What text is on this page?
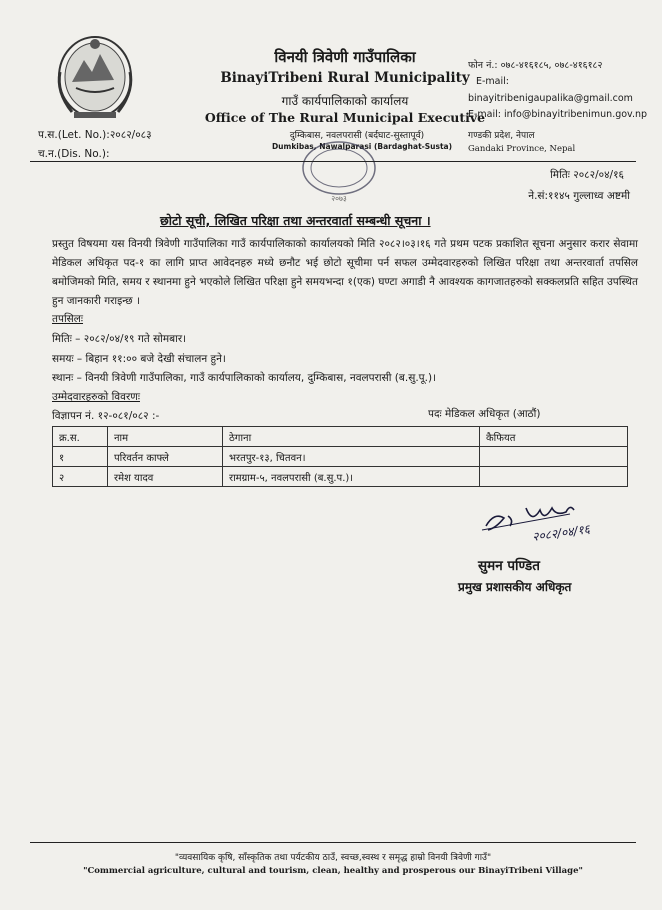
विनयी त्रिवेणी गाउँपालिका
BinayiTribeni Rural Municipality
गाउँ कार्यपालिकाको कार्यालय
Office of The Rural Municipal Executive
दुम्किबास, नवलपरासी (बर्दघाट-सुस्तापूर्व)
Dumkibas, Nawalparasi (Bardaghat-Susta)
फोन नं.: ०७८-४१६१८५, ०७८-४१६१८२
E-mail:
binayitribenigaupalika@gmail.com
E-mail: info@binayitribenimun.gov.np
गण्डकी प्रदेश, नेपाल
Gandaki Province, Nepal
प.स.(Let. No.):२०८२/०८३
च.न.(Dis. No.):
२०७३
मितिः २०८२/०४/१६
ने.सं:११४५ गुल्लाध्व अष्टमी
छोटो सूची, लिखित परिक्षा तथा अन्तरवार्ता सम्बन्धी सूचना ।
प्रस्तुत विषयमा यस विनयी त्रिवेणी गाउँपालिका गाउँ कार्यपालिकाको कार्यालयको मिति २०८२।०३।१६ गते प्रथम पटक प्रकाशित सूचना अनुसार करार सेवामा मेडिकल अधिकृत पद-१ का लागि प्राप्त आवेदनहरु मध्ये छनौट भई छोटो सूचीमा पर्न सफल उम्मेदवारहरुको लिखित परिक्षा तथा अन्तरवार्ता तपसिल बमोजिमको मिति, समय र स्थानमा हुने भएकोले लिखित परिक्षा हुने समयभन्दा १(एक) घण्टा अगाडी नै आवश्यक कागजातहरुको सक्कलप्रति सहित उपस्थित हुन जानकारी गराइन्छ ।
तपसिलः
मितिः – २०८२/०४/१९ गते सोमबार।
समयः – बिहान ११:०० बजे देखी संचालन हुने।
स्थानः – विनयी त्रिवेणी गाउँपालिका, गाउँ कार्यपालिकाको कार्यालय, दुम्किबास, नवलपरासी (ब.सु.पू.)।
उम्मेदवारहरुको विवरणः
विज्ञापन नं. १२-०८१/०८२ :-	पदः मेडिकल अधिकृत (आठौं)
क्र.स.	नाम	ठेगाना	कैफियत
१	परिवर्तन काफ्ले	भरतपुर-१३, चितवन।	
२	रमेश यादव	रामग्राम-५, नवलपरासी (ब.सु.प.)।	
२०८२/०४/१६
सुमन पण्डित
प्रमुख प्रशासकीय अधिकृत
"व्यवसायिक कृषि, साँस्कृतिक तथा पर्यटकीय ठाउँ, स्वच्छ,स्वस्थ र समृद्ध हाम्रो विनयी त्रिवेणी गाउँ"
"Commercial agriculture, cultural and tourism, clean, healthy and prosperous our BinayiTribeni Village"
